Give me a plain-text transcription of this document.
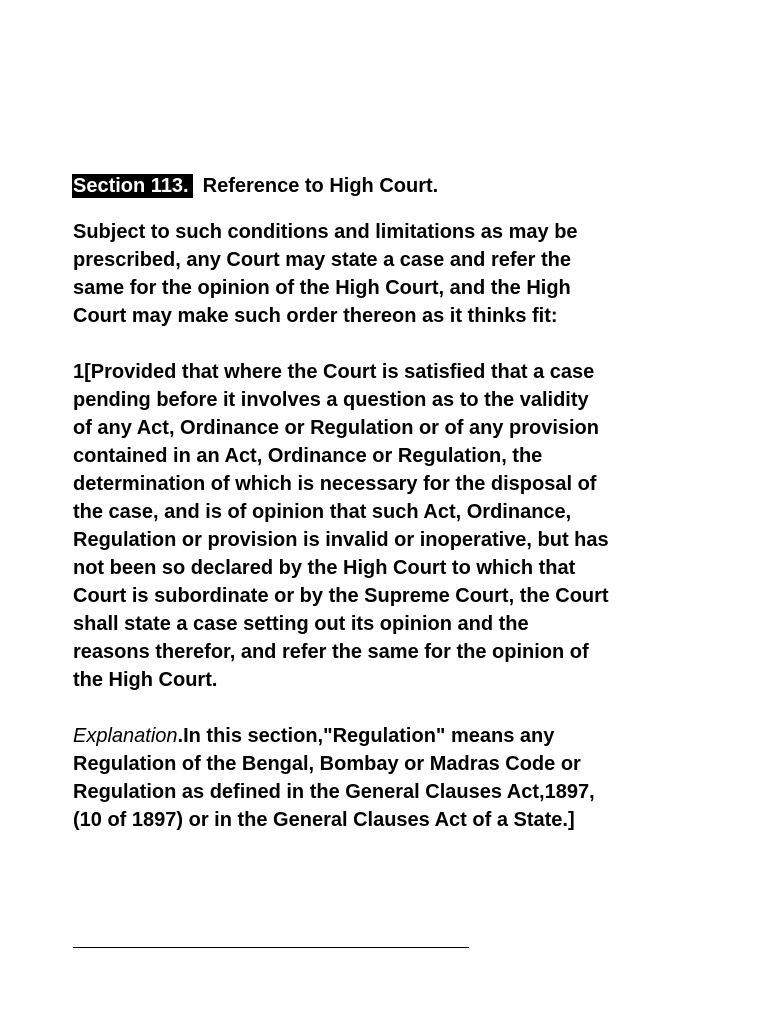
Section 113. Reference to High Court.
Subject to such conditions and limitations as may be
prescribed, any Court may state a case and refer the
same for the opinion of the High Court, and the High
Court may make such order thereon as it thinks fit:
1[Provided that where the Court is satisfied that a case
pending before it involves a question as to the validity
of any Act, Ordinance or Regulation or of any provision
contained in an Act, Ordinance or Regulation, the
determination of which is necessary for the disposal of
the case, and is of opinion that such Act, Ordinance,
Regulation or provision is invalid or inoperative, but has
not been so declared by the High Court to which that
Court is subordinate or by the Supreme Court, the Court
shall state a case setting out its opinion and the
reasons therefor, and refer the same for the opinion of
the High Court.
Explanation.In this section,"Regulation" means any
Regulation of the Bengal, Bombay or Madras Code or
Regulation as defined in the General Clauses Act,1897,
(10 of 1897) or in the General Clauses Act of a State.]
